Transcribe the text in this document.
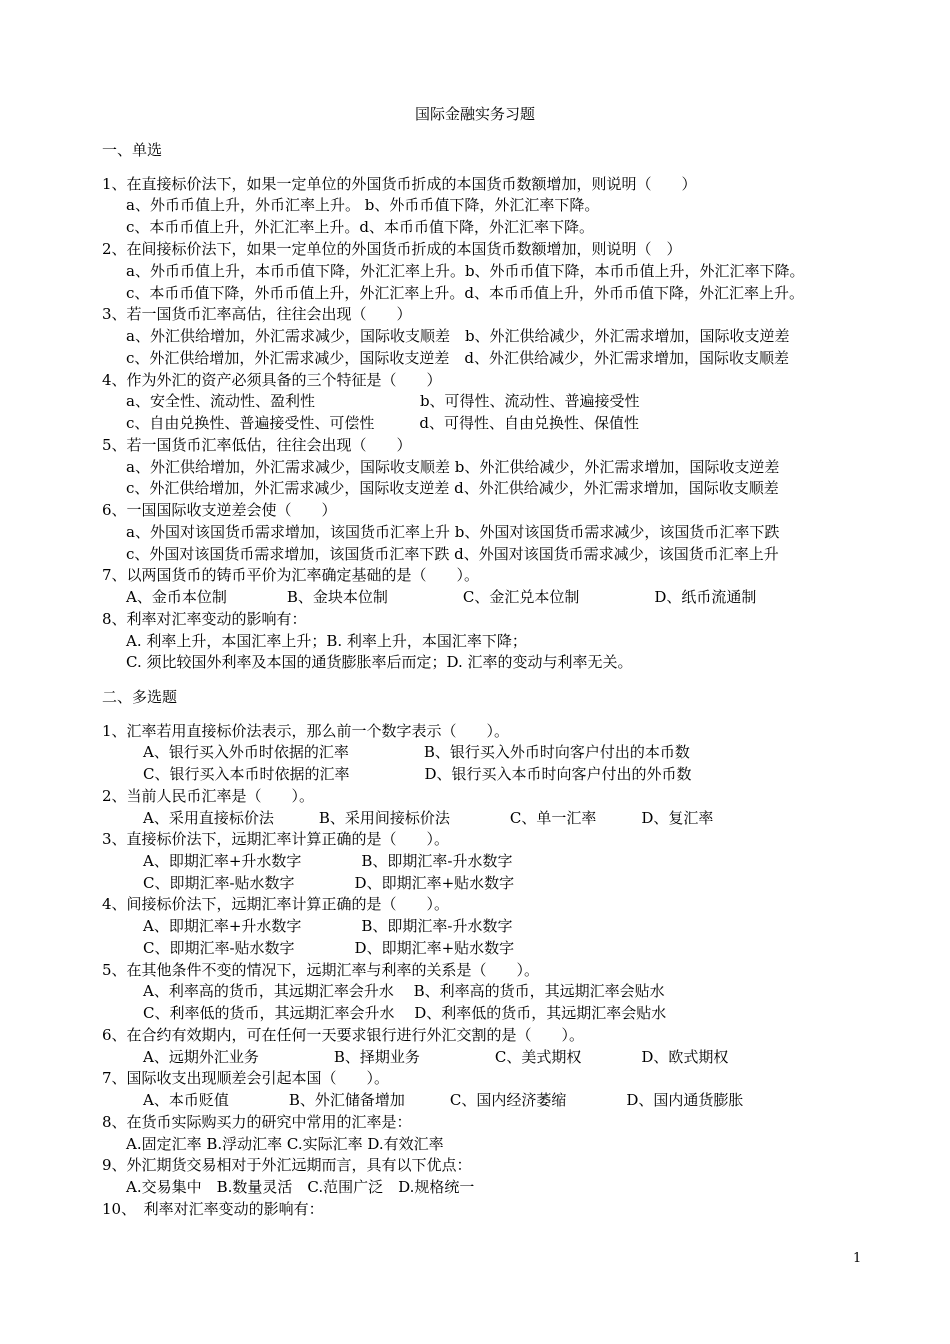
国际金融实务习题
一、单选
1、在直接标价法下，如果一定单位的外国货币折成的本国货币数额增加，则说明（　　）
a、外币币值上升，外币汇率上升。 b、外币币值下降，外汇汇率下降。
c、本币币值上升，外汇汇率上升。d、本币币值下降，外汇汇率下降。
2、在间接标价法下，如果一定单位的外国货币折成的本国货币数额增加，则说明（　）
a、外币币值上升，本币币值下降，外汇汇率上升。b、外币币值下降，本币币值上升，外汇汇率下降。
c、本币币值下降，外币币值上升，外汇汇率上升。d、本币币值上升，外币币值下降，外汇汇率上升。
3、若一国货币汇率高估，往往会出现（　　）
a、外汇供给增加，外汇需求减少，国际收支顺差　b、外汇供给减少，外汇需求增加，国际收支逆差
c、外汇供给增加，外汇需求减少，国际收支逆差　d、外汇供给减少，外汇需求增加，国际收支顺差
4、作为外汇的资产必须具备的三个特征是（　　）
a、安全性、流动性、盈利性　　　　　　　b、可得性、流动性、普遍接受性
c、自由兑换性、普遍接受性、可偿性　　　d、可得性、自由兑换性、保值性
5、若一国货币汇率低估，往往会出现（　　）
a、外汇供给增加，外汇需求减少，国际收支顺差 b、外汇供给减少，外汇需求增加，国际收支逆差
c、外汇供给增加，外汇需求减少，国际收支逆差 d、外汇供给减少，外汇需求增加，国际收支顺差
6、一国国际收支逆差会使（　　）
a、外国对该国货币需求增加，该国货币汇率上升 b、外国对该国货币需求减少，该国货币汇率下跌
c、外国对该国货币需求增加，该国货币汇率下跌 d、外国对该国货币需求减少，该国货币汇率上升
7、以两国货币的铸币平价为汇率确定基础的是（　　）。
A、金币本位制　　　　B、金块本位制　　　　　C、金汇兑本位制　　　　　D、纸币流通制
8、利率对汇率变动的影响有：
A. 利率上升，本国汇率上升；B. 利率上升，本国汇率下降；
C. 须比较国外利率及本国的通货膨胀率后而定；D. 汇率的变动与利率无关。
二、多选题
1、汇率若用直接标价法表示，那么前一个数字表示（　　）。
A、银行买入外币时依据的汇率　　　　　B、银行买入外币时向客户付出的本币数
C、银行买入本币时依据的汇率　　　　　D、银行买入本币时向客户付出的外币数
2、当前人民币汇率是（　　）。
A、采用直接标价法　　　B、采用间接标价法　　　　C、单一汇率　　　D、复汇率
3、直接标价法下，远期汇率计算正确的是（　　）。
A、即期汇率+升水数字　　　　B、即期汇率-升水数字
C、即期汇率-贴水数字　　　　D、即期汇率+贴水数字
4、间接标价法下，远期汇率计算正确的是（　　）。
A、即期汇率+升水数字　　　　B、即期汇率-升水数字
C、即期汇率-贴水数字　　　　D、即期汇率+贴水数字
5、在其他条件不变的情况下，远期汇率与利率的关系是（　　）。
A、利率高的货币，其远期汇率会升水　 B、利率高的货币，其远期汇率会贴水
C、利率低的货币，其远期汇率会升水　 D、利率低的货币，其远期汇率会贴水
6、在合约有效期内，可在任何一天要求银行进行外汇交割的是（　　）。
A、远期外汇业务　　　　　B、择期业务　　　　　C、美式期权　　　　D、欧式期权
7、国际收支出现顺差会引起本国（　　）。
A、本币贬值　　　　B、外汇储备增加　　　C、国内经济萎缩　　　　D、国内通货膨胀
8、在货币实际购买力的研究中常用的汇率是：
A.固定汇率 B.浮动汇率 C.实际汇率 D.有效汇率
9、外汇期货交易相对于外汇远期而言，具有以下优点：
A.交易集中　B.数量灵活　C.范围广泛　D.规格统一
10、　利率对汇率变动的影响有：
1
